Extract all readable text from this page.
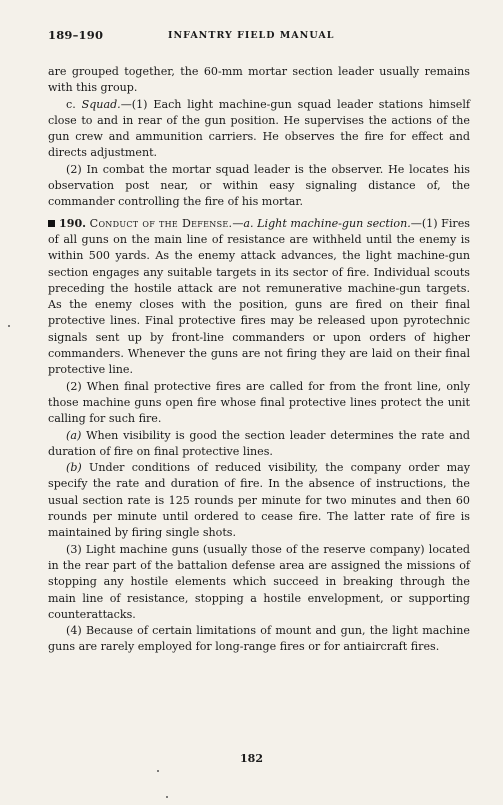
189–190	INFANTRY FIELD MANUAL

are grouped together, the 60-mm mortar section leader usually remains with this group.

c. Squad.—(1) Each light machine-gun squad leader stations himself close to and in rear of the gun position. He supervises the actions of the gun crew and ammunition carriers. He observes the fire for effect and directs adjustment.

(2) In combat the mortar squad leader is the observer. He locates his observation post near, or within easy signaling distance of, the commander controlling the fire of his mortar.

190. Conduct of the Defense.—a. Light machine-gun section.—(1) Fires of all guns on the main line of resistance are withheld until the enemy is within 500 yards. As the enemy attack advances, the light machine-gun section engages any suitable targets in its sector of fire. Individual scouts preceding the hostile attack are not remunerative machine-gun targets. As the enemy closes with the position, guns are fired on their final protective lines. Final protective fires may be released upon pyrotechnic signals sent up by front-line commanders or upon orders of higher commanders. Whenever the guns are not firing they are laid on their final protective line.

(2) When final protective fires are called for from the front line, only those machine guns open fire whose final protective lines protect the unit calling for such fire.

(a) When visibility is good the section leader determines the rate and duration of fire on final protective lines.

(b) Under conditions of reduced visibility, the company order may specify the rate and duration of fire. In the absence of instructions, the usual section rate is 125 rounds per minute for two minutes and then 60 rounds per minute until ordered to cease fire. The latter rate of fire is maintained by firing single shots.

(3) Light machine guns (usually those of the reserve company) located in the rear part of the battalion defense area are assigned the missions of stopping any hostile elements which succeed in breaking through the main line of resistance, stopping a hostile envelopment, or supporting counterattacks.

(4) Because of certain limitations of mount and gun, the light machine guns are rarely employed for long-range fires or for antiaircraft fires.

182
